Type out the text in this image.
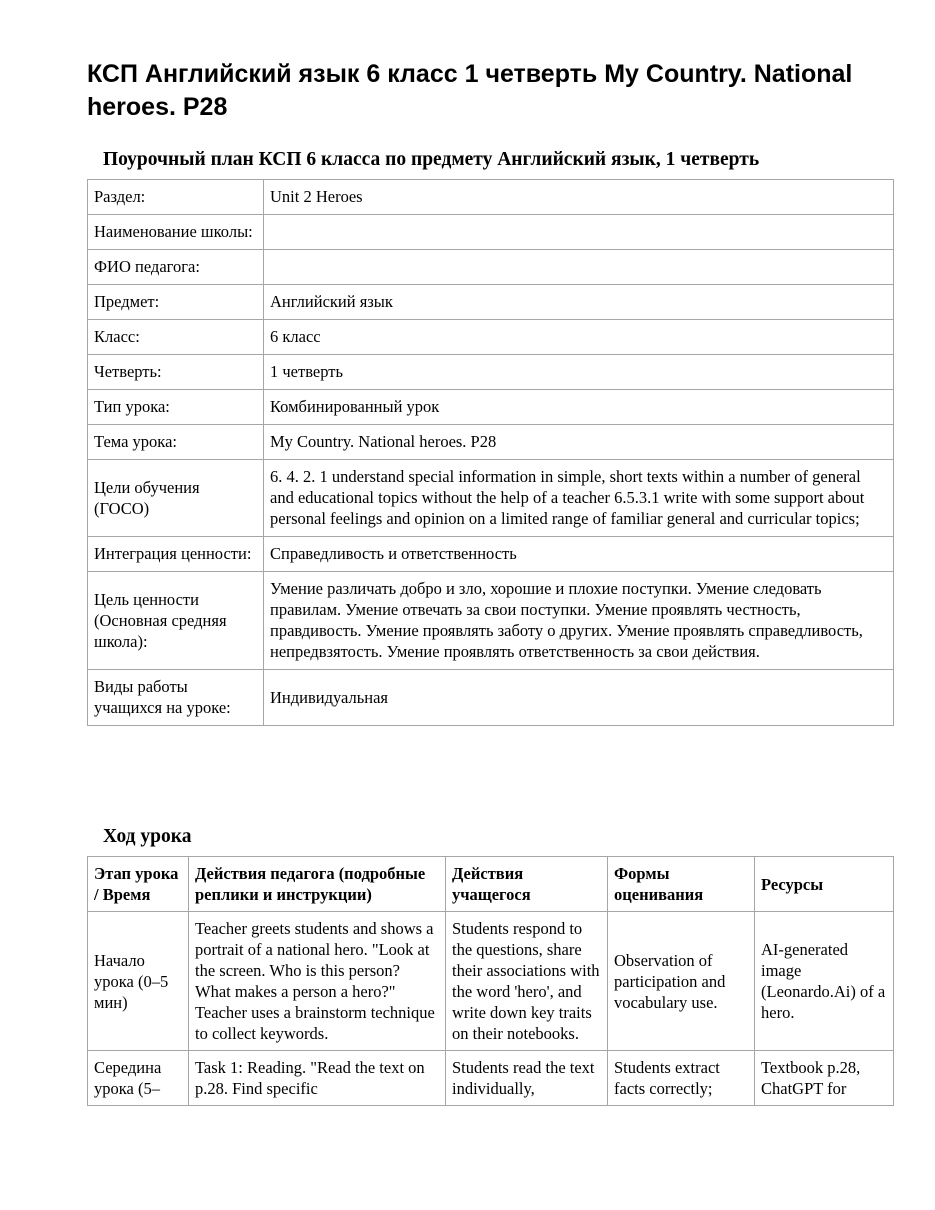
КСП Английский язык 6 класс 1 четверть My Country. National heroes. P28
Поурочный план КСП 6 класса по предмету Английский язык, 1 четверть
Раздел:	Unit 2 Heroes
Наименование школы:	
ФИО педагога:	
Предмет:	Английский язык
Класс:	6 класс
Четверть:	1 четверть
Тип урока:	Комбинированный урок
Тема урока:	My Country. National heroes. P28
Цели обучения (ГОСО)	6. 4. 2. 1 understand special information in simple, short texts within a number of general and educational topics without the help of a teacher 6.5.3.1 write with some support about personal feelings and opinion on a limited range of familiar general and curricular topics;
Интеграция ценности:	Справедливость и ответственность
Цель ценности (Основная средняя школа):	Умение различать добро и зло, хорошие и плохие поступки. Умение следовать правилам. Умение отвечать за свои поступки. Умение проявлять честность, правдивость. Умение проявлять заботу о других. Умение проявлять справедливость, непредвзятость. Умение проявлять ответственность за свои действия.
Виды работы учащихся на уроке:	Индивидуальная
Ход урока
Этап урока / Время	Действия педагога (подробные реплики и инструкции)	Действия учащегося	Формы оценивания	Ресурсы
Начало урока (0–5 мин)	Teacher greets students and shows a portrait of a national hero. "Look at the screen. Who is this person? What makes a person a hero?" Teacher uses a brainstorm technique to collect keywords.	Students respond to the questions, share their associations with the word 'hero', and write down key traits on their notebooks.	Observation of participation and vocabulary use.	AI-generated image (Leonardo.Ai) of a hero.
Середина урока (5–	Task 1: Reading. "Read the text on p.28. Find specific	Students read the text individually,	Students extract facts correctly;	Textbook p.28, ChatGPT for
